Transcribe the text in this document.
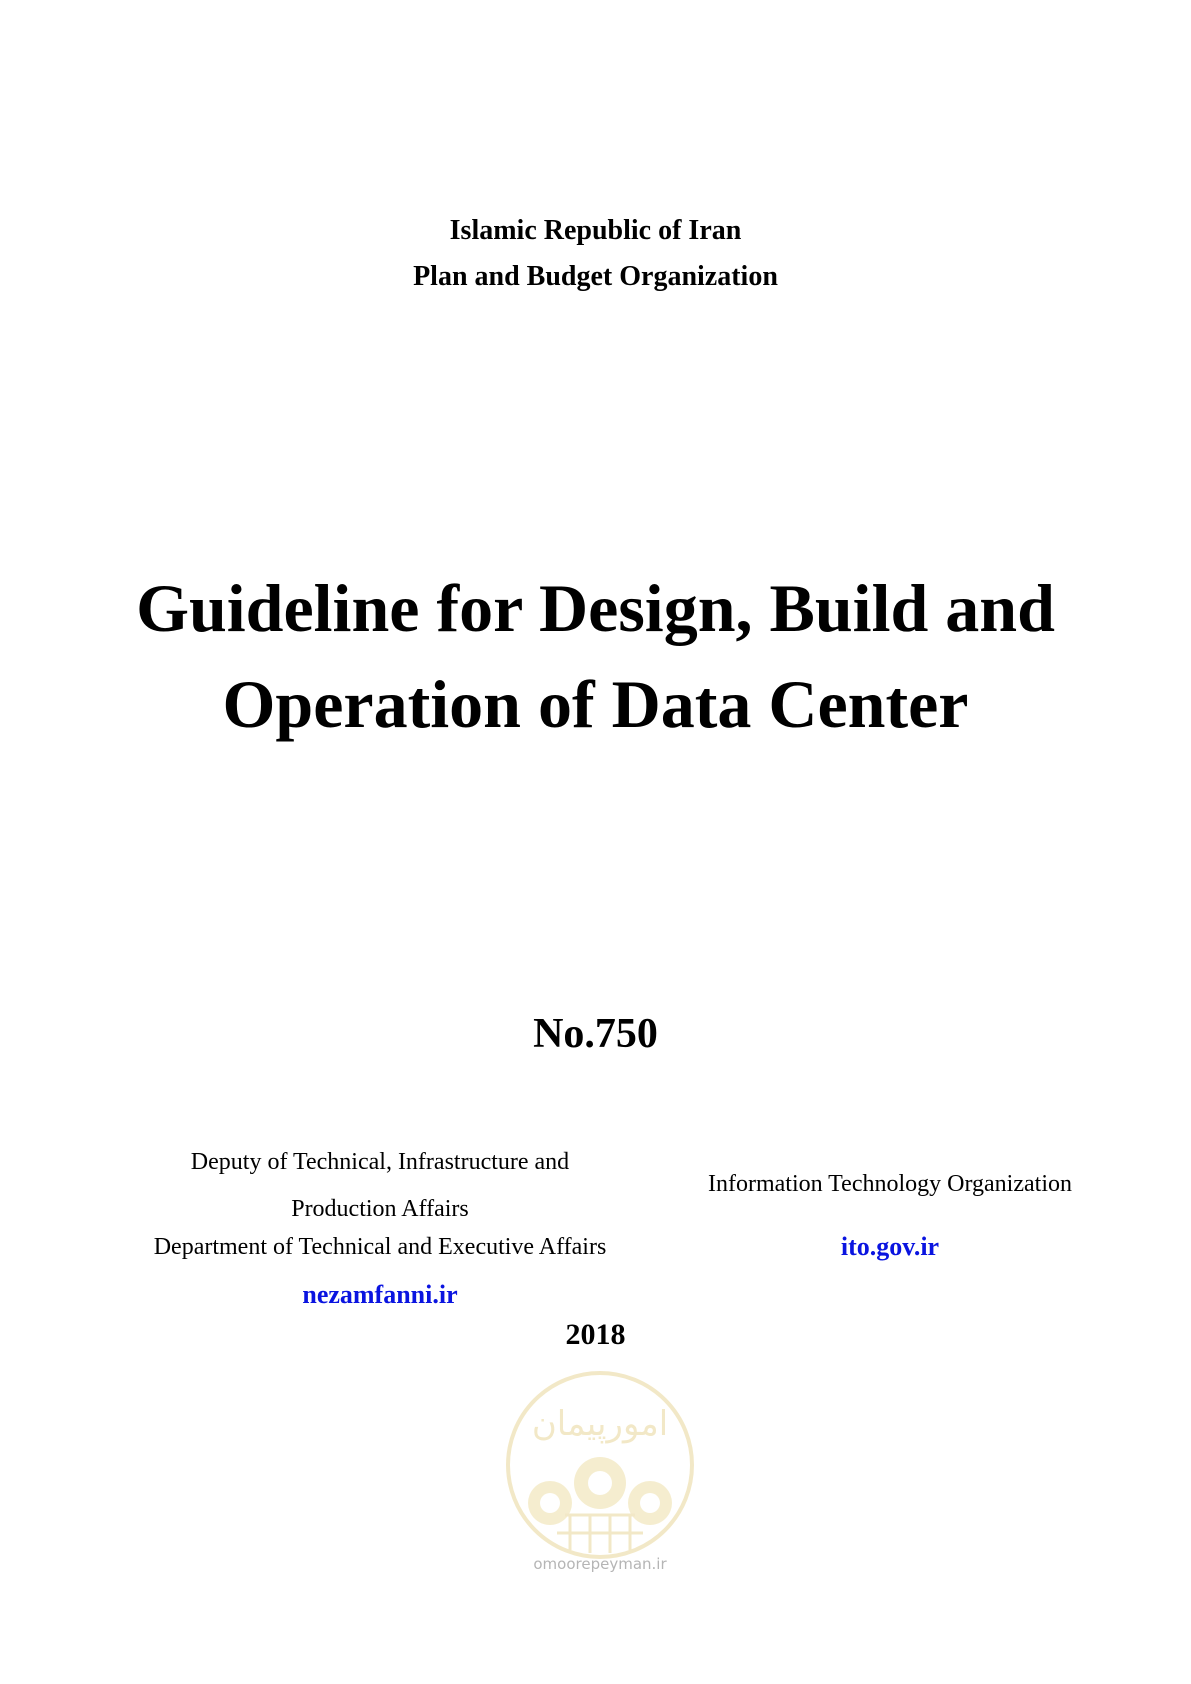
Islamic Republic of Iran
Plan and Budget Organization
Guideline for Design, Build and
Operation of Data Center
No.750
Deputy of Technical, Infrastructure and
Production Affairs
Department of Technical and Executive Affairs
nezamfanni.ir
Information Technology Organization
ito.gov.ir
2018
امورپیمان
omoorepeyman.ir
